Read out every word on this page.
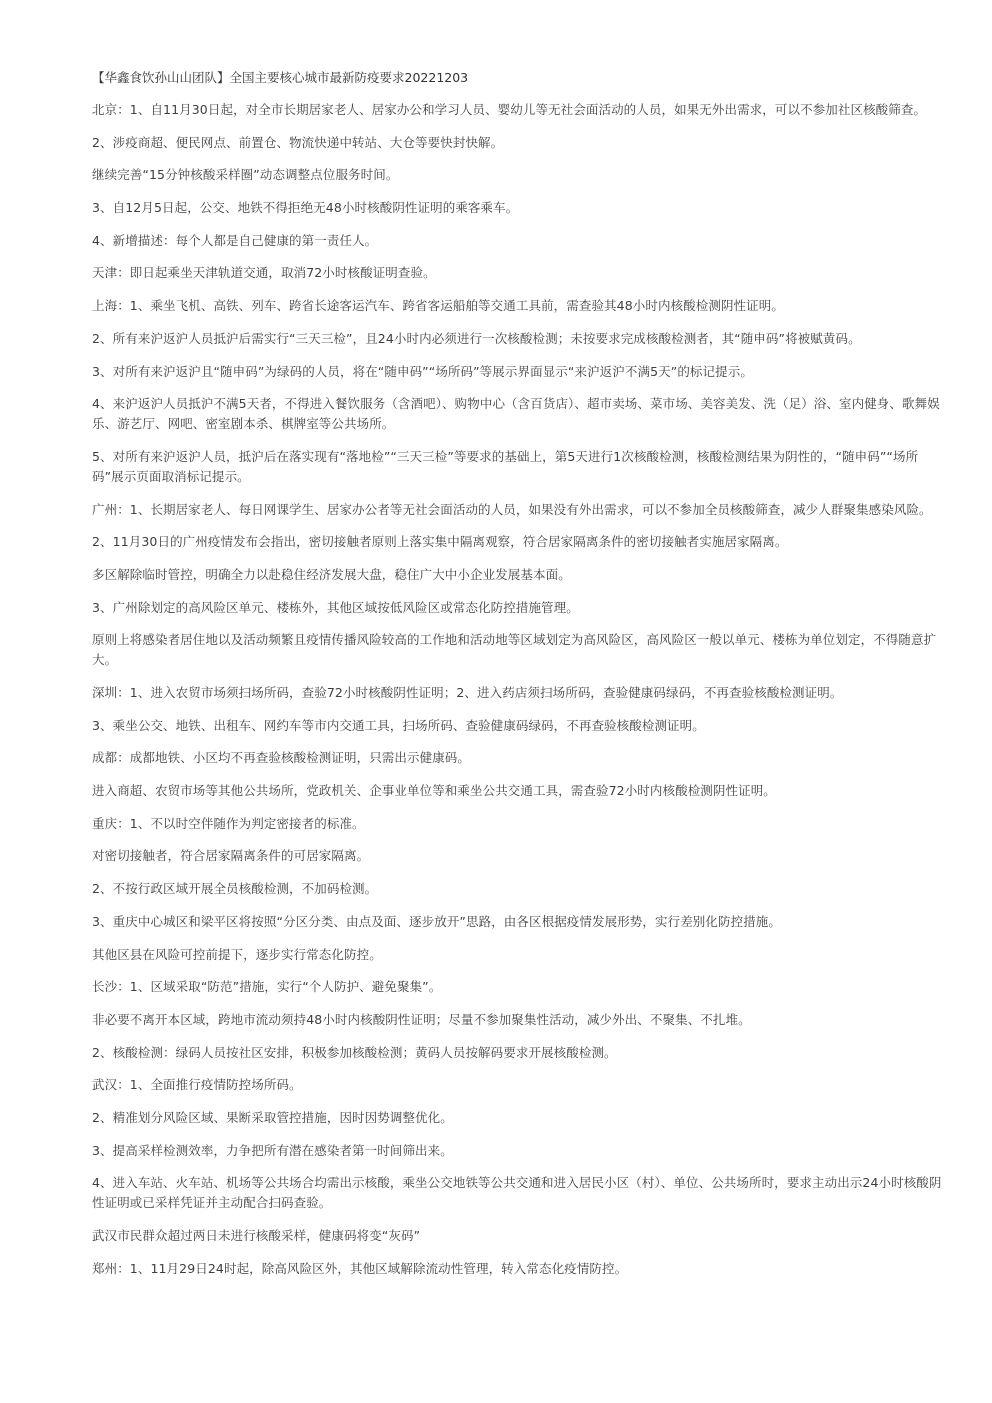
【华鑫食饮孙山山团队】全国主要核心城市最新防疫要求20221203

北京：1、自11月30日起，对全市长期居家老人、居家办公和学习人员、婴幼儿等无社会面活动的人员，如果无外出需求，可以不参加社区核酸筛查。

2、涉疫商超、便民网点、前置仓、物流快递中转站、大仓等要快封快解。

继续完善“15分钟核酸采样圈”动态调整点位服务时间。

3、自12月5日起，公交、地铁不得拒绝无48小时核酸阴性证明的乘客乘车。

4、新增描述：每个人都是自己健康的第一责任人。

天津：即日起乘坐天津轨道交通，取消72小时核酸证明查验。

上海：1、乘坐飞机、高铁、列车、跨省长途客运汽车、跨省客运船舶等交通工具前，需查验其48小时内核酸检测阴性证明。

2、所有来沪返沪人员抵沪后需实行“三天三检”，且24小时内必须进行一次核酸检测；未按要求完成核酸检测者，其“随申码”将被赋黄码。

3、对所有来沪返沪且“随申码”为绿码的人员，将在“随申码”“场所码”等展示界面显示“来沪返沪不满5天”的标记提示。

4、来沪返沪人员抵沪不满5天者，不得进入餐饮服务（含酒吧）、购物中心（含百货店）、超市卖场、菜市场、美容美发、洗（足）浴、室内健身、歌舞娱乐、游艺厅、网吧、密室剧本杀、棋牌室等公共场所。

5、对所有来沪返沪人员，抵沪后在落实现有“落地检”“三天三检”等要求的基础上，第5天进行1次核酸检测，核酸检测结果为阴性的，“随申码”“场所码”展示页面取消标记提示。

广州：1、长期居家老人、每日网课学生、居家办公者等无社会面活动的人员，如果没有外出需求，可以不参加全员核酸筛查，减少人群聚集感染风险。

2、11月30日的广州疫情发布会指出，密切接触者原则上落实集中隔离观察，符合居家隔离条件的密切接触者实施居家隔离。

多区解除临时管控，明确全力以赴稳住经济发展大盘，稳住广大中小企业发展基本面。

3、广州除划定的高风险区单元、楼栋外，其他区域按低风险区或常态化防控措施管理。

原则上将感染者居住地以及活动频繁且疫情传播风险较高的工作地和活动地等区域划定为高风险区，高风险区一般以单元、楼栋为单位划定，不得随意扩大。

深圳：1、进入农贸市场须扫场所码，查验72小时核酸阴性证明；2、进入药店须扫场所码，查验健康码绿码，不再查验核酸检测证明。

3、乘坐公交、地铁、出租车、网约车等市内交通工具，扫场所码、查验健康码绿码，不再查验核酸检测证明。

成都：成都地铁、小区均不再查验核酸检测证明，只需出示健康码。

进入商超、农贸市场等其他公共场所，党政机关、企事业单位等和乘坐公共交通工具，需查验72小时内核酸检测阴性证明。

重庆：1、不以时空伴随作为判定密接者的标准。

对密切接触者，符合居家隔离条件的可居家隔离。

2、不按行政区域开展全员核酸检测，不加码检测。

3、重庆中心城区和梁平区将按照“分区分类、由点及面、逐步放开”思路，由各区根据疫情发展形势，实行差别化防控措施。

其他区县在风险可控前提下，逐步实行常态化防控。

长沙：1、区域采取“防范”措施，实行“个人防护、避免聚集”。

非必要不离开本区域，跨地市流动须持48小时内核酸阴性证明；尽量不参加聚集性活动，减少外出、不聚集、不扎堆。

2、核酸检测：绿码人员按社区安排，积极参加核酸检测；黄码人员按解码要求开展核酸检测。

武汉：1、全面推行疫情防控场所码。

2、精准划分风险区域、果断采取管控措施，因时因势调整优化。

3、提高采样检测效率，力争把所有潜在感染者第一时间筛出来。

4、进入车站、火车站、机场等公共场合均需出示核酸，乘坐公交地铁等公共交通和进入居民小区（村）、单位、公共场所时，要求主动出示24小时核酸阴性证明或已采样凭证并主动配合扫码查验。

武汉市民群众超过两日未进行核酸采样，健康码将变“灰码”

郑州：1、11月29日24时起，除高风险区外，其他区域解除流动性管理，转入常态化疫情防控。
